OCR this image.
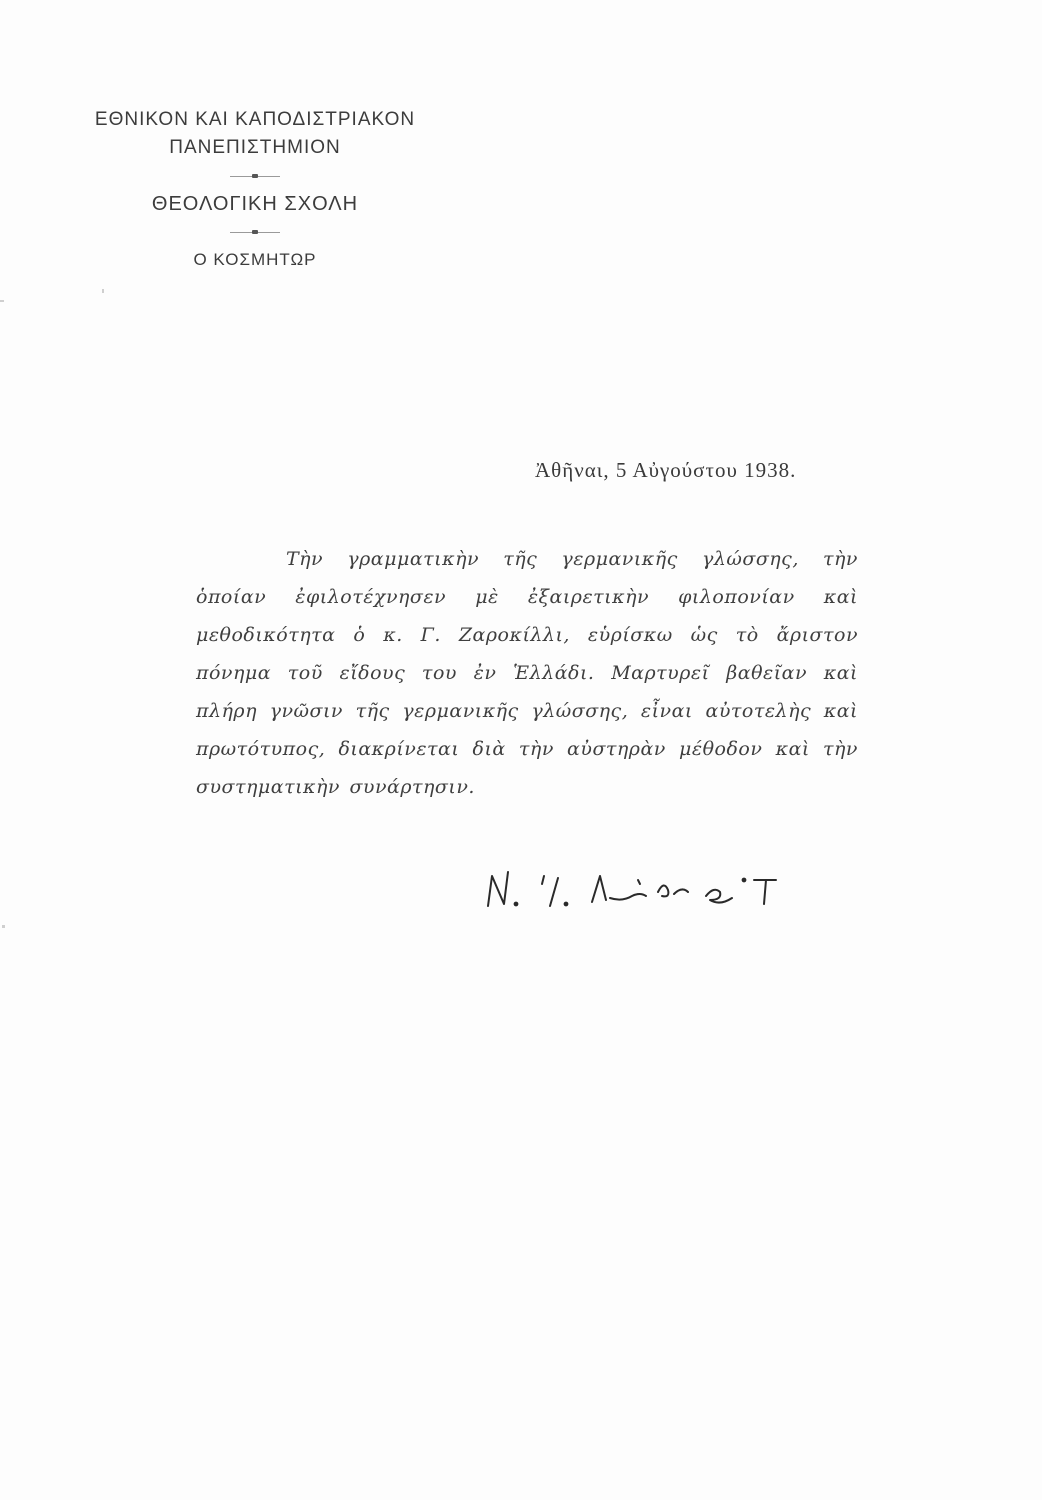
ΕΘΝΙΚΟΝ ΚΑΙ ΚΑΠΟΔΙΣΤΡΙΑΚΟΝ
ΠΑΝΕΠΙΣΤΗΜΙΟΝ
ΘΕΟΛΟΓΙΚΗ ΣΧΟΛΗ
Ο ΚΟΣΜΗΤΩΡ
Ἀθῆναι, 5 Αὐγούστου 1938.
Τὴν γραμματικὴν τῆς γερμανικῆς γλώσσης, τὴν ὁποίαν ἐφιλοτέχνησεν μὲ ἐξαιρετικὴν φιλοπονίαν καὶ μεθοδικότητα ὁ κ. Γ. Ζαροκίλλι, εὑρίσκω ὡς τὸ ἄριστον πόνημα τοῦ εἴδους του ἐν Ἑλλάδι. Μαρτυρεῖ βαθεῖαν καὶ πλήρη γνῶσιν τῆς γερμανικῆς γλώσσης, εἶναι αὐτοτελὴς καὶ πρωτότυπος, διακρίνεται διὰ τὴν αὐστηρὰν μέθοδον καὶ τὴν συστηματικὴν συνάρτησιν.
